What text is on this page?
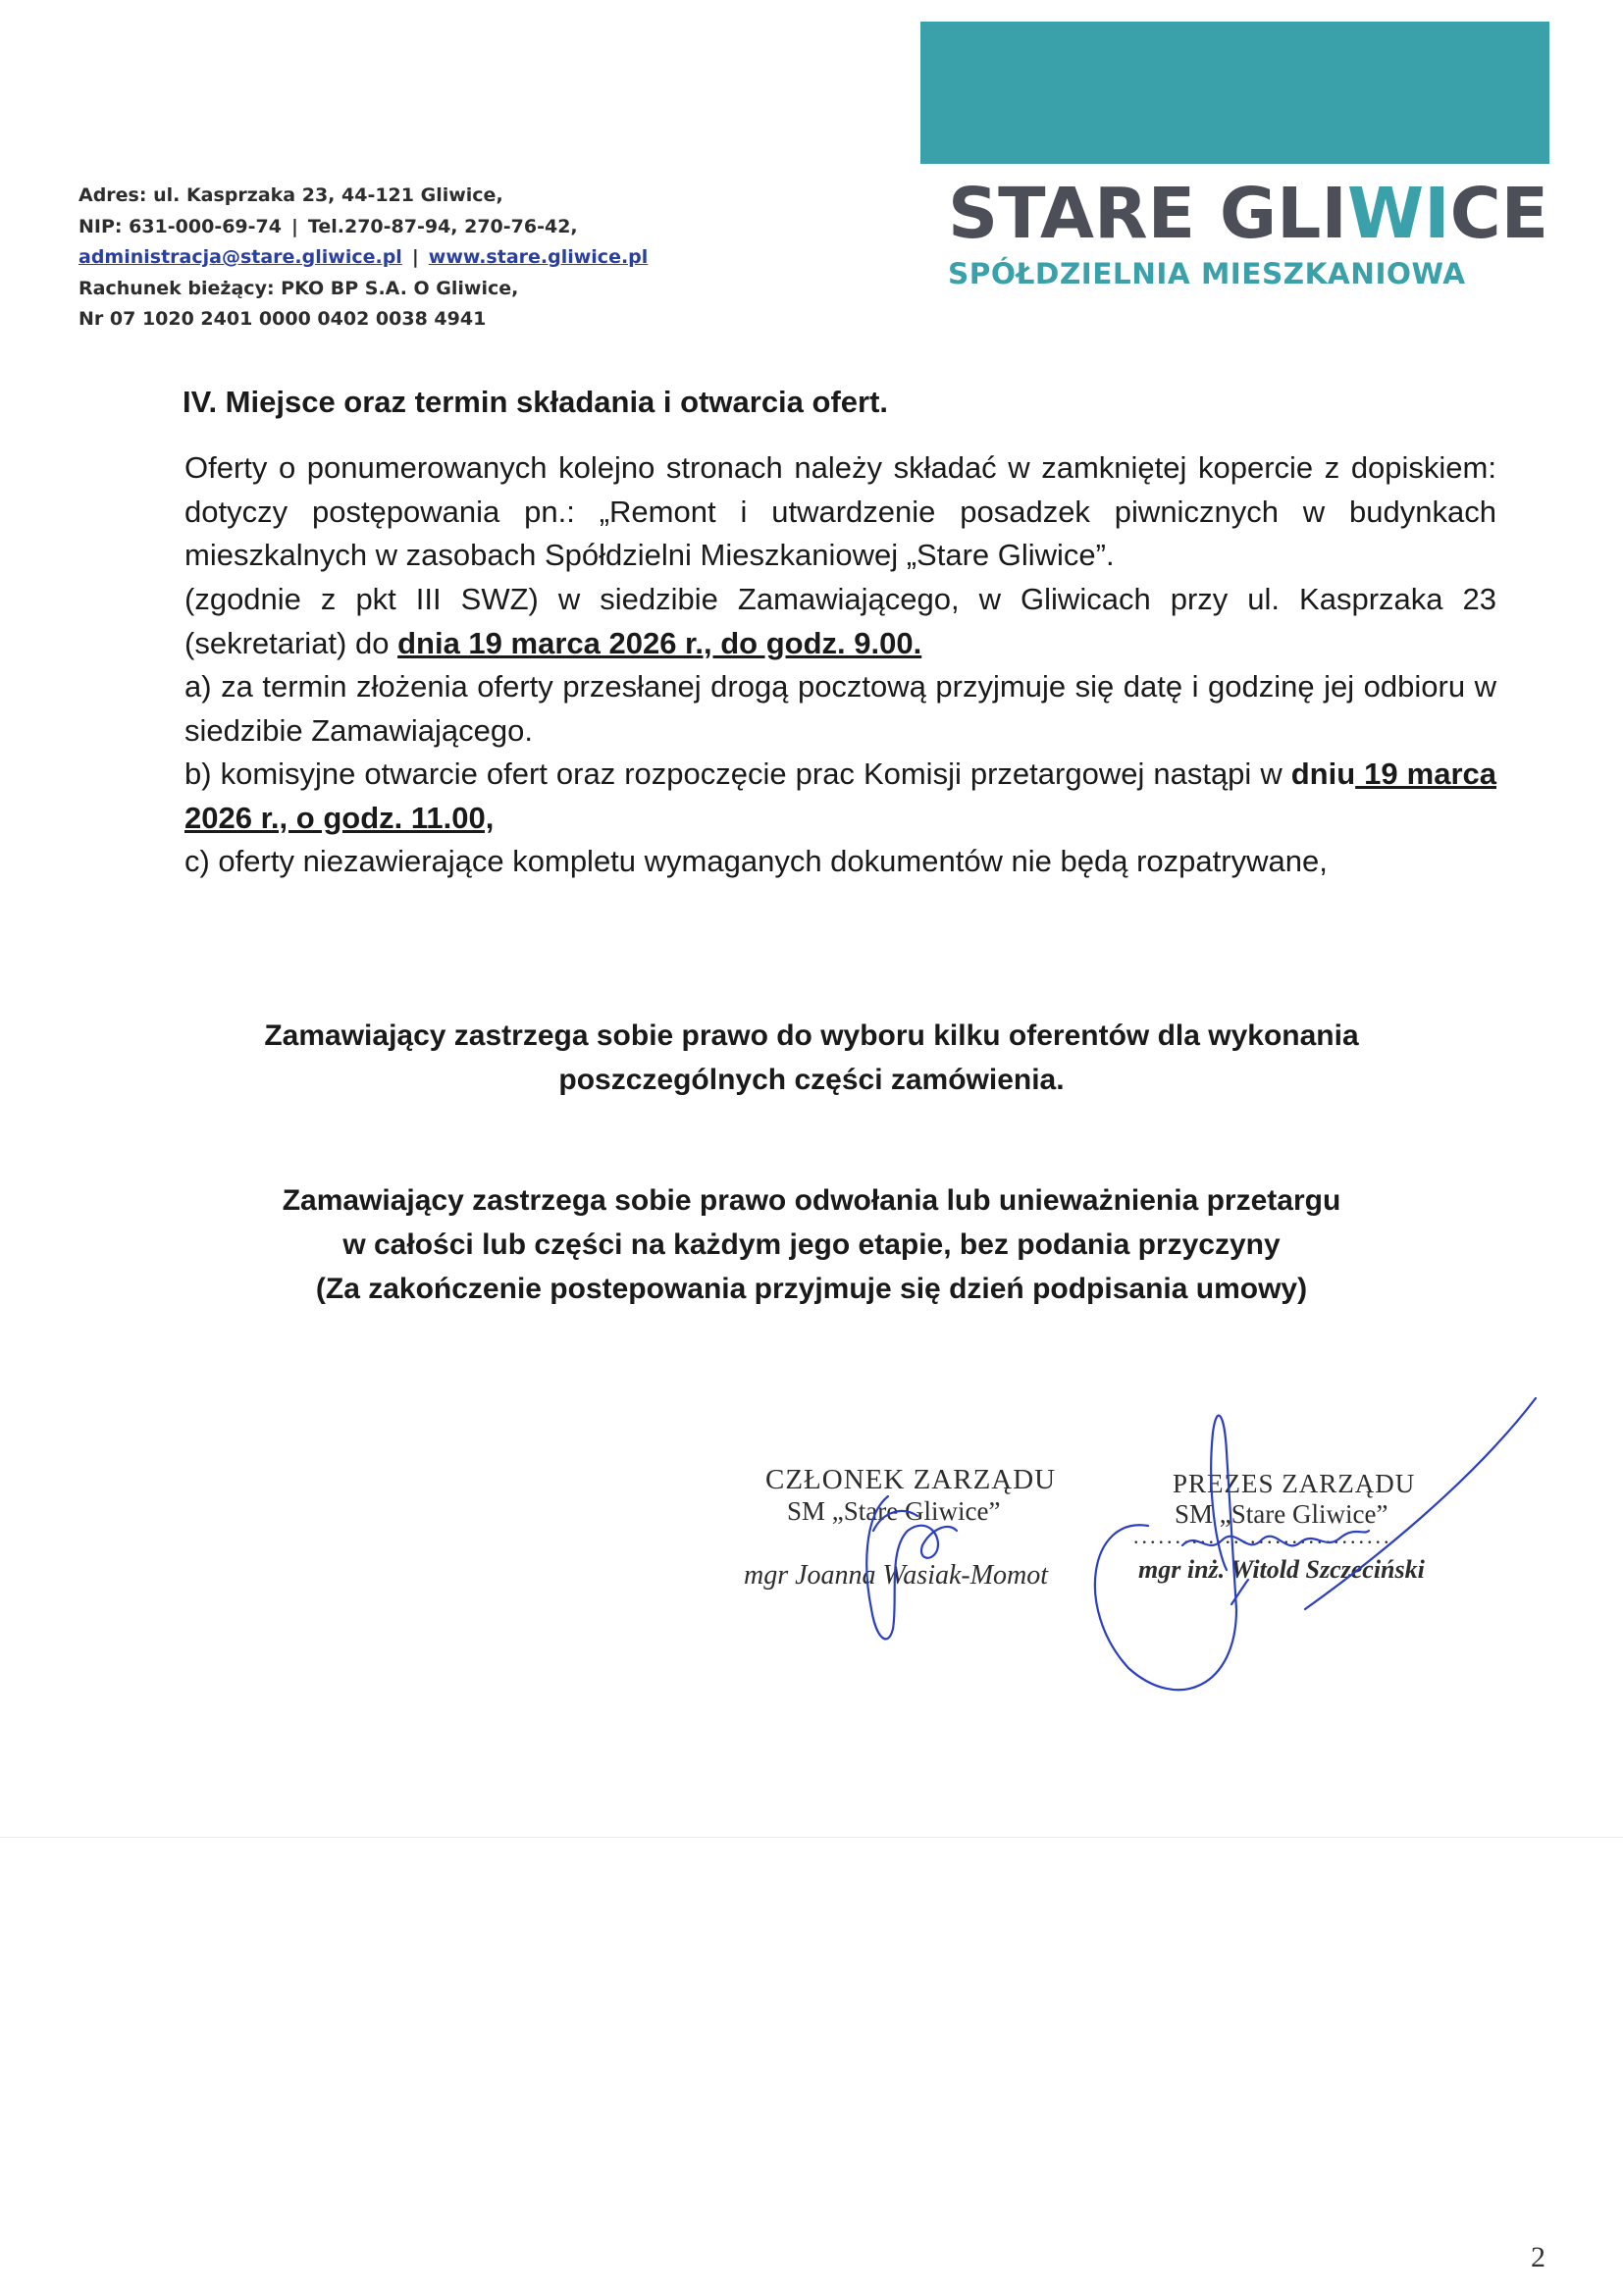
Adres: ul. Kasprzaka 23, 44-121 Gliwice,
NIP: 631-000-69-74 | Tel.270-87-94, 270-76-42,
administracja@stare.gliwice.pl | www.stare.gliwice.pl
Rachunek bieżący: PKO BP S.A. O Gliwice,
Nr 07 1020 2401 0000 0402 0038 4941
STARE GLIWICE
SPÓŁDZIELNIA MIESZKANIOWA
IV. Miejsce oraz termin składania i otwarcia ofert.
Oferty o ponumerowanych kolejno stronach należy składać w zamkniętej kopercie z dopiskiem: dotyczy postępowania pn.: „Remont i utwardzenie posadzek piwnicznych w budynkach mieszkalnych w zasobach Spółdzielni Mieszkaniowej „Stare Gliwice”.
(zgodnie z pkt III SWZ) w siedzibie Zamawiającego, w Gliwicach przy ul. Kasprzaka 23 (sekretariat) do dnia 19 marca 2026 r., do godz. 9.00.
a) za termin złożenia oferty przesłanej drogą pocztową przyjmuje się datę i godzinę jej odbioru w siedzibie Zamawiającego.
b) komisyjne otwarcie ofert oraz rozpoczęcie prac Komisji przetargowej nastąpi w dniu 19 marca 2026 r., o godz. 11.00,
c) oferty niezawierające kompletu wymaganych dokumentów nie będą rozpatrywane,
Zamawiający zastrzega sobie prawo do wyboru kilku oferentów dla wykonania
poszczególnych części zamówienia.
Zamawiający zastrzega sobie prawo odwołania lub unieważnienia przetargu
w całości lub części na każdym jego etapie, bez podania przyczyny
(Za zakończenie postepowania przyjmuje się dzień podpisania umowy)
CZŁONEK ZARZĄDU
SM „Stare Gliwice”
mgr Joanna Wasiak-Momot
PREZES ZARZĄDU
SM „Stare Gliwice”
...............................
mgr inż. Witold Szczeciński
2
